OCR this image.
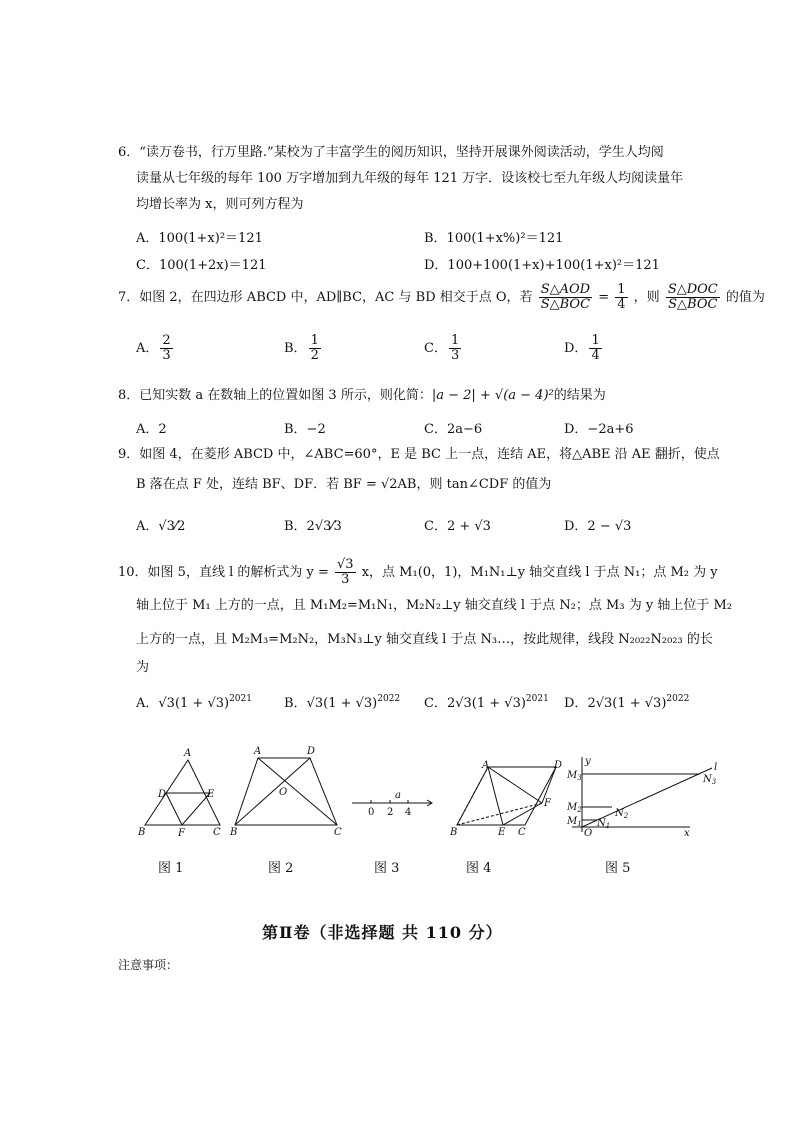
6．“读万卷书，行万里路.”某校为了丰富学生的阅历知识，坚持开展课外阅读活动，学生人均阅
读量从七年级的每年 100 万字增加到九年级的每年 121 万字．设该校七至九年级人均阅读量年
均增长率为 x，则可列方程为
A．100(1+x)²＝121	B．100(1+x%)²＝121
C．100(1+2x)＝121	D．100+100(1+x)+100(1+x)²＝121
7．如图 2，在四边形 ABCD 中，AD∥BC，AC 与 BD 相交于点 O，若 $\frac{\text{S△AOD}}{\text{S△BOC}} = \frac{1}{4}$ ，则 $\frac{\text{S△DOC}}{\text{S△BOC}}$ 的值为
A． $\frac{2}{3}$	B． $\frac{1}{2}$	C． $\frac{1}{3}$	D． $\frac{1}{4}$
8．已知实数 a 在数轴上的位置如图 3 所示，则化简：|a − 2| + √(a − 4)²的结果为
A．2	B．−2	C．2a−6	D．−2a+6
9．如图 4，在菱形 ABCD 中，∠ABC=60°，E 是 BC 上一点，连结 AE，将△ABE 沿 AE 翻折，使点
B 落在点 F 处，连结 BF、DF．若 BF = √2AB，则 tan∠CDF 的值为
A．√3⁄2	B．2√3⁄3	C．2 + √3	D．2 − √3
10．如图 5，直线 l 的解析式为 $y = \frac{√3}{3}$ x，点 M₁(0，1)，M₁N₁⊥y 轴交直线 l 于点 N₁；点 M₂ 为 y
轴上位于 M₁ 上方的一点，且 M₁M₂=M₁N₁，M₂N₂⊥y 轴交直线 l 于点 N₂；点 M₃ 为 y 轴上位于 M₂
上方的一点，且 M₂M₃=M₂N₂，M₃N₃⊥y 轴交直线 l 于点 N₃…，按此规律，线段 N₂₀₂₂N₂₀₂₃ 的长
为
A．$√3(1 + √3)^{2021}$ B．$√3(1 + √3)^{2022}$ C．$2√3(1 + √3)^{2021}$ D．$2√3(1 + √3)^{2022}$
A
B	C
D	E
F
A
B	C
D
O	a
0 2 4
A
B	C
D
E
F
y
x
O
l
$M_3$
$M_2$
$M_1$
$N_3$
$N_2$
$N_1$
图 1	图 2	图 3	图 4	图 5
第Ⅱ卷（非选择题 共 110 分）
注意事项：
